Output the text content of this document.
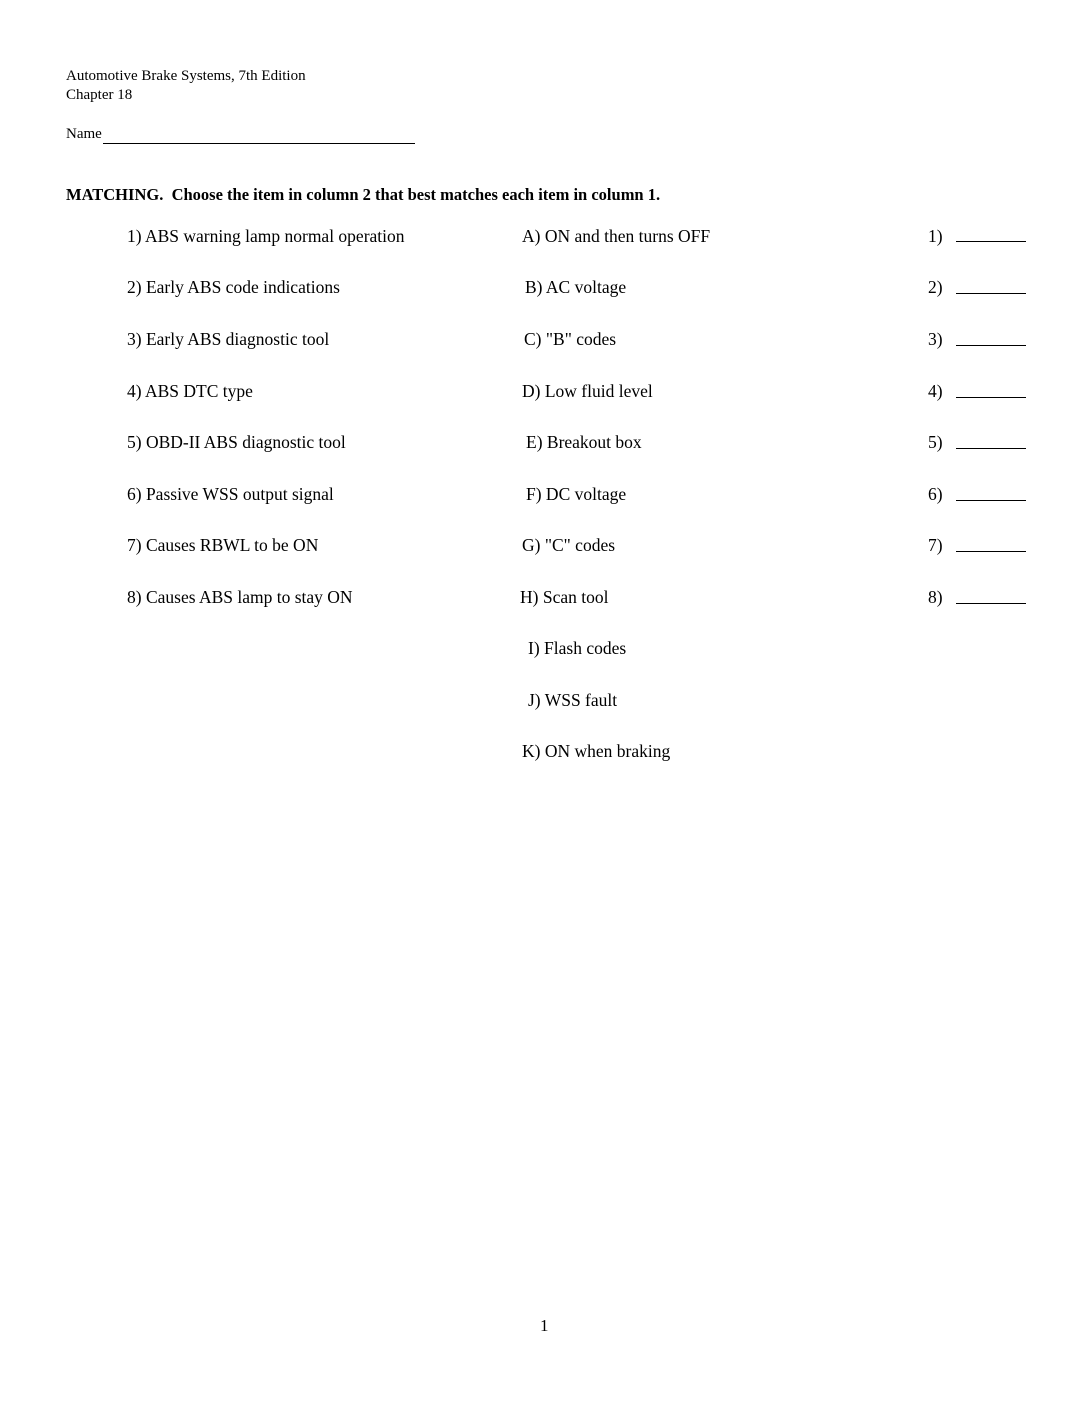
Automotive Brake Systems, 7th Edition
Chapter 18
Name
MATCHING.  Choose the item in column 2 that best matches each item in column 1.
1) ABS warning lamp normal operation	A) ON and then turns OFF	1)
2) Early ABS code indications	B) AC voltage	2)
3) Early ABS diagnostic tool	C) "B" codes	3)
4) ABS DTC type	D) Low fluid level	4)
5) OBD-II ABS diagnostic tool	E) Breakout box	5)
6) Passive WSS output signal	F) DC voltage	6)
7) Causes RBWL to be ON	G) "C" codes	7)
8) Causes ABS lamp to stay ON	H) Scan tool	8)
I) Flash codes
J) WSS fault
K) ON when braking
1
